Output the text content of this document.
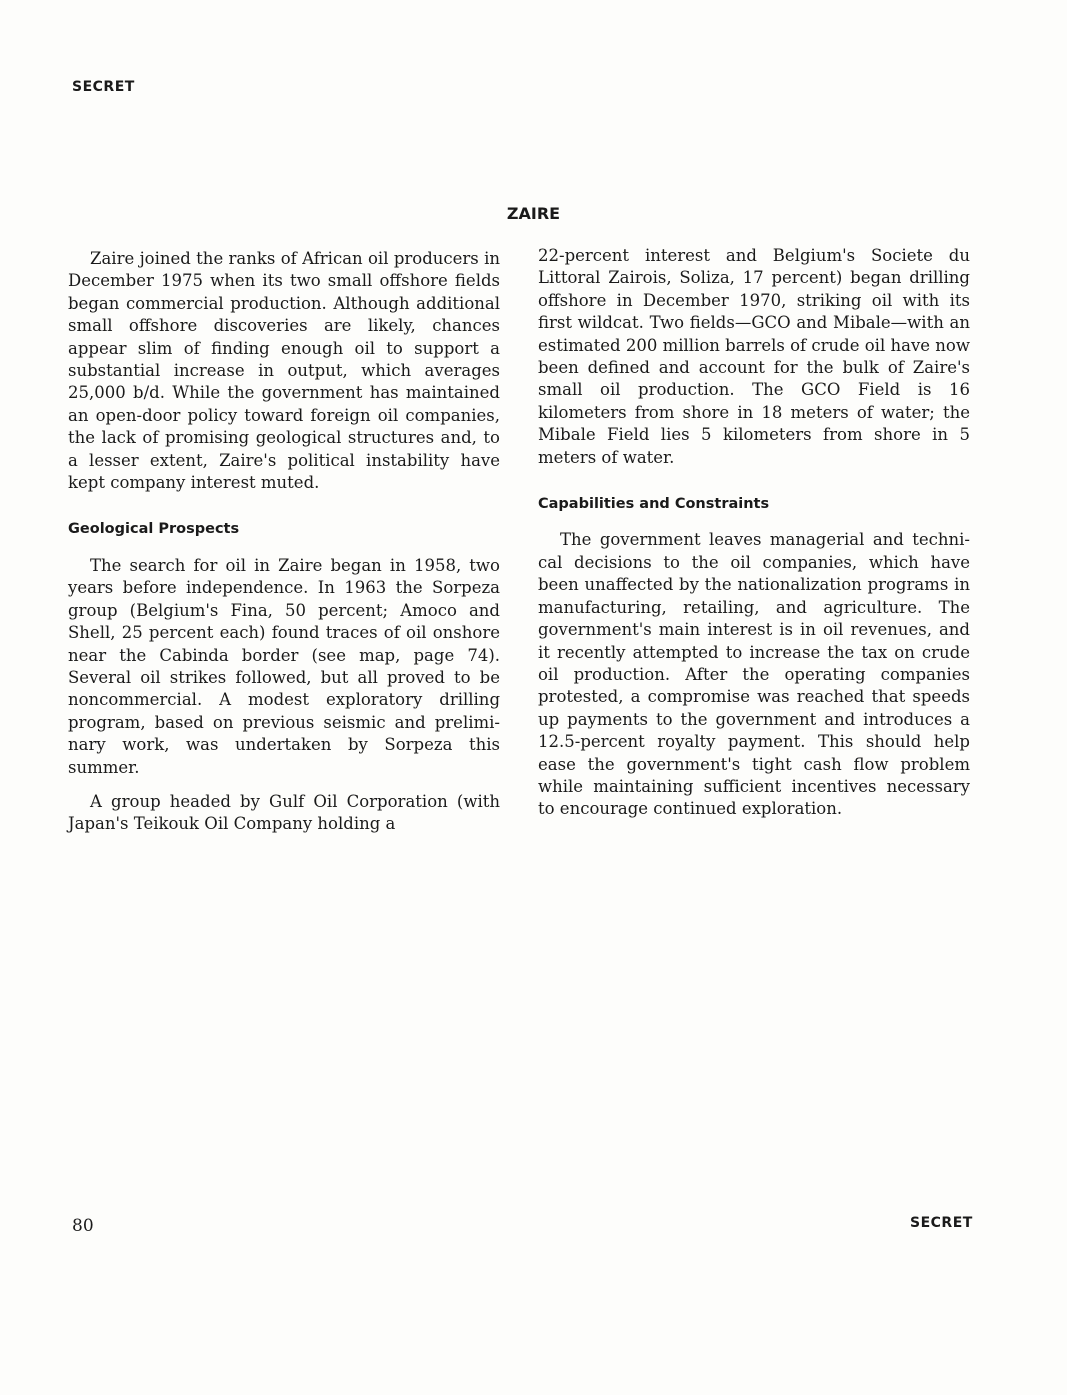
SECRET
ZAIRE

Zaire joined the ranks of African oil producers in December 1975 when its two small offshore fields began commercial production. Although additional small offshore discoveries are likely, chances appear slim of finding enough oil to support a substantial increase in output, which averages 25,000 b/d. While the government has maintained an open-door policy toward foreign oil companies, the lack of promising geological structures and, to a lesser extent, Zaire's political instability have kept company interest muted.

Geological Prospects

The search for oil in Zaire began in 1958, two years before independence. In 1963 the Sorpeza group (Belgium's Fina, 50 percent; Amoco and Shell, 25 percent each) found traces of oil onshore near the Cabinda border (see map, page 74). Several oil strikes followed, but all proved to be noncommercial. A modest exploratory drilling program, based on previous seismic and prelimi-nary work, was undertaken by Sorpeza this summer.

A group headed by Gulf Oil Corporation (with Japan's Teikouk Oil Company holding a

22-percent interest and Belgium's Societe du Littoral Zairois, Soliza, 17 percent) began drilling offshore in December 1970, striking oil with its first wildcat. Two fields—GCO and Mibale—with an estimated 200 million barrels of crude oil have now been defined and account for the bulk of Zaire's small oil production. The GCO Field is 16 kilometers from shore in 18 meters of water; the Mibale Field lies 5 kilometers from shore in 5 meters of water.

Capabilities and Constraints

The government leaves managerial and techni-cal decisions to the oil companies, which have been unaffected by the nationalization programs in manufacturing, retailing, and agriculture. The government's main interest is in oil revenues, and it recently attempted to increase the tax on crude oil production. After the operating companies protested, a compromise was reached that speeds up payments to the government and introduces a 12.5-percent royalty payment. This should help ease the government's tight cash flow problem while maintaining sufficient incentives necessary to encourage continued exploration.

80	SECRET
